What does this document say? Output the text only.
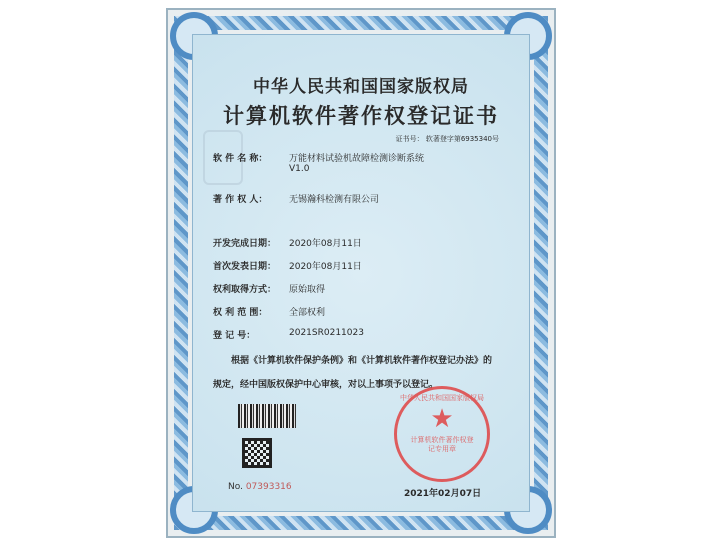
中华人民共和国国家版权局
计算机软件著作权登记证书
证书号： 软著登字第6935340号
软 件 名 称：	万能材料试验机故障检测诊断系统
V1.0
著 作 权 人：	无锡瀚科检测有限公司
开发完成日期：	2020年08月11日
首次发表日期：	2020年08月11日
权利取得方式：	原始取得
权 利 范 围：	全部权利
登 记 号：	2021SR0211023
根据《计算机软件保护条例》和《计算机软件著作权登记办法》的
规定，经中国版权保护中心审核，对以上事项予以登记。
No. 07393316
中华人民共和国国家版权局
★
计算机软件著作权登记专用章
2021年02月07日
